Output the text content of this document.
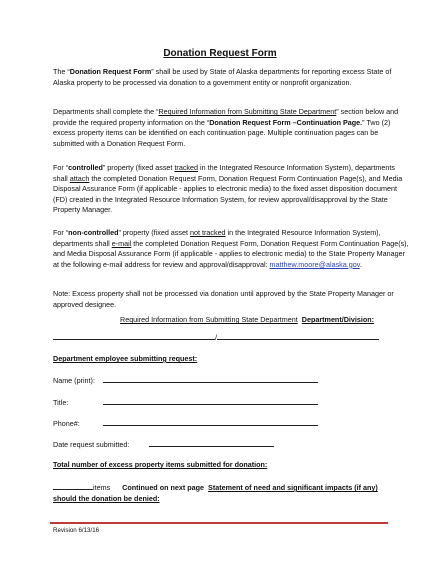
Donation Request Form
The “Donation Request Form” shall be used by State of Alaska departments for reporting excess State of Alaska property to be processed via donation to a government entity or nonprofit organization.
Departments shall complete the “Required Information from Submitting State Department” section below and provide the required property information on the “Donation Request Form –Continuation Page.” Two (2) excess property items can be identified on each continuation page. Multiple continuation pages can be submitted with a Donation Request Form.
For “controlled” property (fixed asset tracked in the Integrated Resource Information System), departments shall attach the completed Donation Request Form, Donation Request Form Continuation Page(s), and Media Disposal Assurance Form (if applicable - applies to electronic media) to the fixed asset disposition document (FD) created in the Integrated Resource Information System, for review approval/disapproval by the State Property Manager.
For “non-controlled” property (fixed asset not tracked in the Integrated Resource Information System), departments shall e-mail the completed Donation Request Form, Donation Request Form Continuation Page(s), and Media Disposal Assurance Form (if applicable - applies to electronic media) to the State Property Manager at the following e-mail address for review and approval/disapproval: matthew.moore@alaska.gov.
Note: Excess property shall not be processed via donation until approved by the State Property Manager or approved designee.
Required Information from Submitting State Department Department/Division:
/
Department employee submitting request:
Name (print):
Title:
Phone#:
Date request submitted:
Total number of excess property items submitted for donation:
items Continued on next page Statement of need and significant impacts (if any) should the donation be denied:
Revision 6/13/16
